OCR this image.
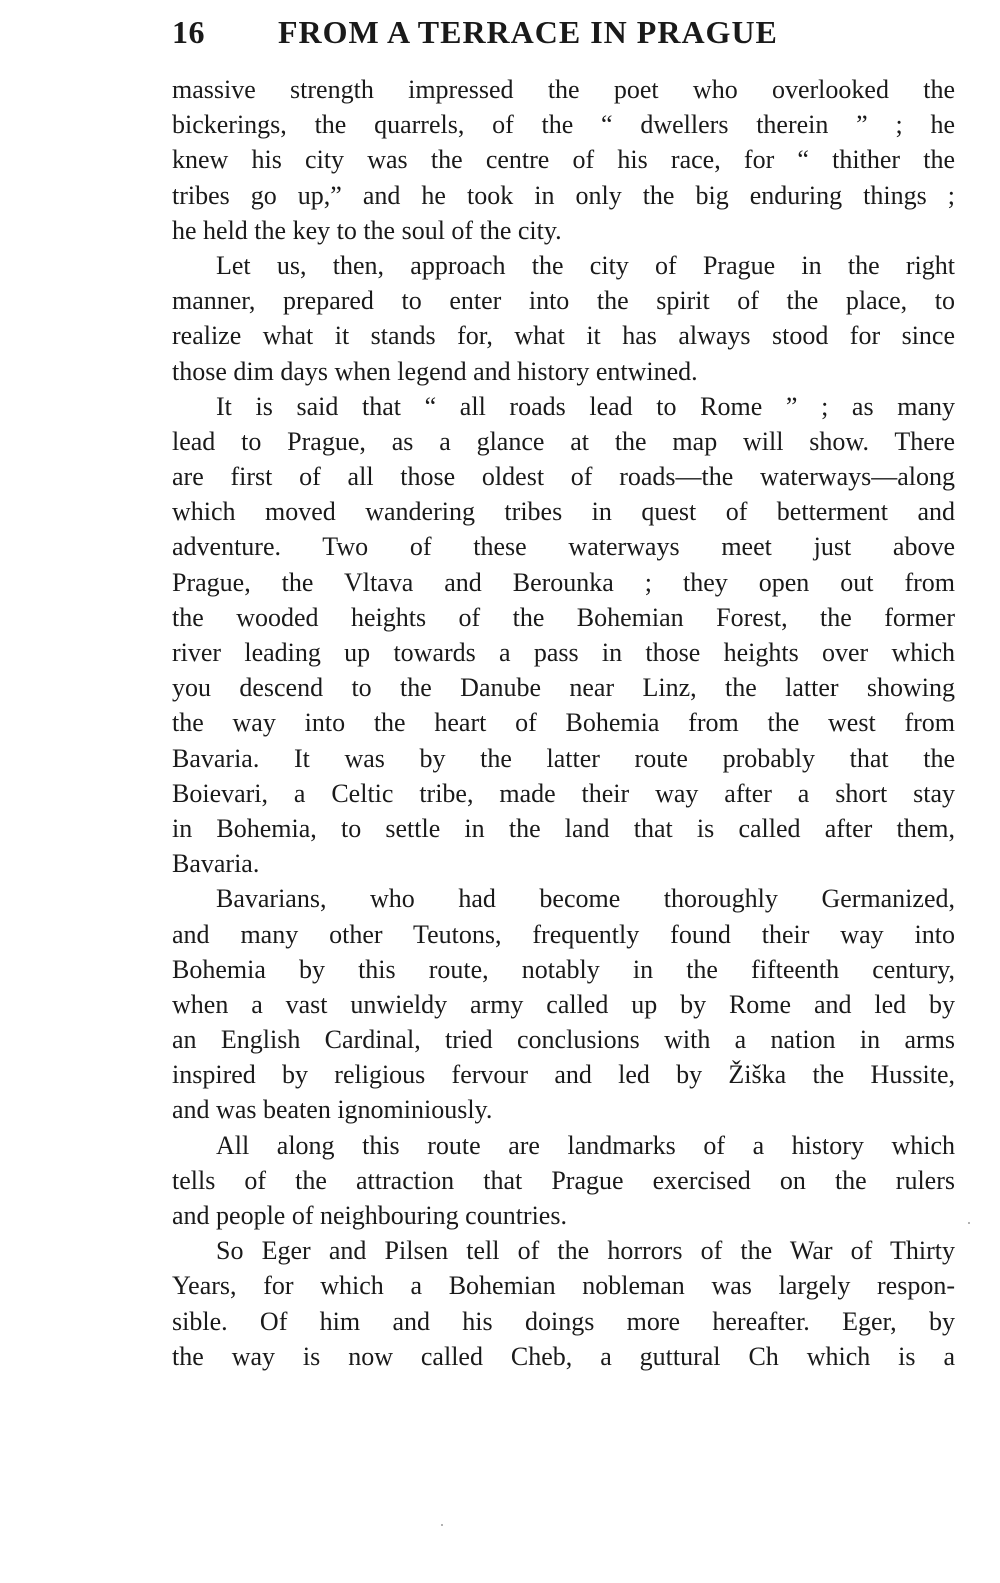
16 FROM A TERRACE IN PRAGUE
massive strength impressed the poet who overlooked the
bickerings, the quarrels, of the “ dwellers therein ” ; he
knew his city was the centre of his race, for “ thither the
tribes go up,” and he took in only the big enduring things ;
he held the key to the soul of the city.
Let us, then, approach the city of Prague in the right
manner, prepared to enter into the spirit of the place, to
realize what it stands for, what it has always stood for since
those dim days when legend and history entwined.
It is said that “ all roads lead to Rome ” ; as many
lead to Prague, as a glance at the map will show. There
are first of all those oldest of roads—the waterways—along
which moved wandering tribes in quest of betterment and
adventure. Two of these waterways meet just above
Prague, the Vltava and Berounka ; they open out from
the wooded heights of the Bohemian Forest, the former
river leading up towards a pass in those heights over which
you descend to the Danube near Linz, the latter showing
the way into the heart of Bohemia from the west from
Bavaria. It was by the latter route probably that the
Boievari, a Celtic tribe, made their way after a short stay
in Bohemia, to settle in the land that is called after them,
Bavaria.
Bavarians, who had become thoroughly Germanized,
and many other Teutons, frequently found their way into
Bohemia by this route, notably in the fifteenth century,
when a vast unwieldy army called up by Rome and led by
an English Cardinal, tried conclusions with a nation in arms
inspired by religious fervour and led by Žiška the Hussite,
and was beaten ignominiously.
All along this route are landmarks of a history which
tells of the attraction that Prague exercised on the rulers
and people of neighbouring countries.
So Eger and Pilsen tell of the horrors of the War of Thirty
Years, for which a Bohemian nobleman was largely respon-
sible. Of him and his doings more hereafter. Eger, by
the way is now called Cheb, a guttural Ch which is a
